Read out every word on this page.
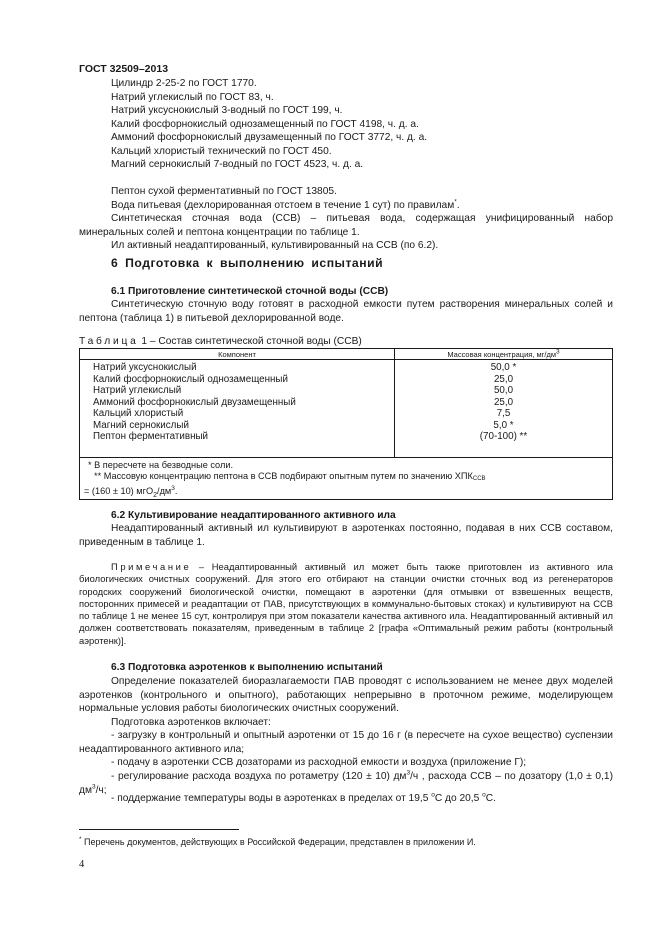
ГОСТ 32509–2013
Цилиндр 2-25-2 по ГОСТ 1770.
Натрий углекислый по ГОСТ 83, ч.
Натрий уксуснокислый 3-водный по ГОСТ 199, ч.
Калий фосфорнокислый однозамещенный по ГОСТ 4198, ч. д. а.
Аммоний фосфорнокислый двузамещенный по ГОСТ 3772, ч. д. а.
Кальций хлористый технический по ГОСТ 450.
Магний сернокислый 7-водный по ГОСТ 4523, ч. д. а.
Пептон сухой ферментативный по ГОСТ 13805.
Вода питьевая (дехлорированная отстоем в течение 1 сут) по правилам*.
Синтетическая сточная вода (ССВ) – питьевая вода, содержащая унифицированный набор минеральных солей и пептона концентрации по таблице 1.
Ил активный неадаптированный, культивированный на ССВ (по 6.2).
6 Подготовка к выполнению испытаний
6.1 Приготовление синтетической сточной воды (ССВ)
Синтетическую сточную воду готовят в расходной емкости путем растворения минеральных солей и пептона (таблица 1) в питьевой дехлорированной воде.
Таблица 1 – Состав синтетической сточной воды (ССВ)
Компонент	Массовая концентрация, $мг/дм^3$
Натрий уксуснокислый	50,0 *
Калий фосфорнокислый однозамещенный	25,0
Натрий углекислый	50,0
Аммоний фосфорнокислый двузамещенный	25,0
Кальций хлористый	7,5
Магний сернокислый	5,0 *
Пептон ферментативный	(70-100) **

* В пересчете на безводные соли.
** Массовую концентрацию пептона в ССВ подбирают опытным путем по значению ХПКССВ
= (160 ± 10) $мгО_2/дм^3$.	
6.2 Культивирование неадаптированного активного ила
Неадаптированный активный ил культивируют в аэротенках постоянно, подавая в них ССВ составом, приведенным в таблице 1.
Примечание – Неадаптированный активный ил может быть также приготовлен из активного ила биологических очистных сооружений. Для этого его отбирают на станции очистки сточных вод из регенераторов городских сооружений биологической очистки, помещают в аэротенки (для отмывки от взвешенных веществ, посторонних примесей и реадаптации от ПАВ, присутствующих в коммунально-бытовых стоках) и культивируют на ССВ по таблице 1 не менее 15 сут, контролируя при этом показатели качества активного ила. Неадаптированный активный ил должен соответствовать показателям, приведенным в таблице 2 [графа «Оптимальный режим работы (контрольный аэротенк)].
6.3 Подготовка аэротенков к выполнению испытаний
Определение показателей биоразлагаемости ПАВ проводят с использованием не менее двух моделей аэротенков (контрольного и опытного), работающих непрерывно в проточном режиме, моделирующем нормальные условия работы биологических очистных сооружений.
Подготовка аэротенков включает:
- загрузку в контрольный и опытный аэротенки от 15 до 16 г (в пересчете на сухое вещество) суспензии неадаптированного активного ила;
- подачу в аэротенки ССВ дозаторами из расходной емкости и воздуха (приложение Г);
- регулирование расхода воздуха по ротаметру (120 ± 10) $дм^3/ч$ , расхода ССВ – по дозатору (1,0 ± 0,1) $дм^3/ч$;
- поддержание температуры воды в аэротенках в пределах от 19,5 $^о$С до 20,5 $^о$С.
* Перечень документов, действующих в Российской Федерации, представлен в приложении И.
4
